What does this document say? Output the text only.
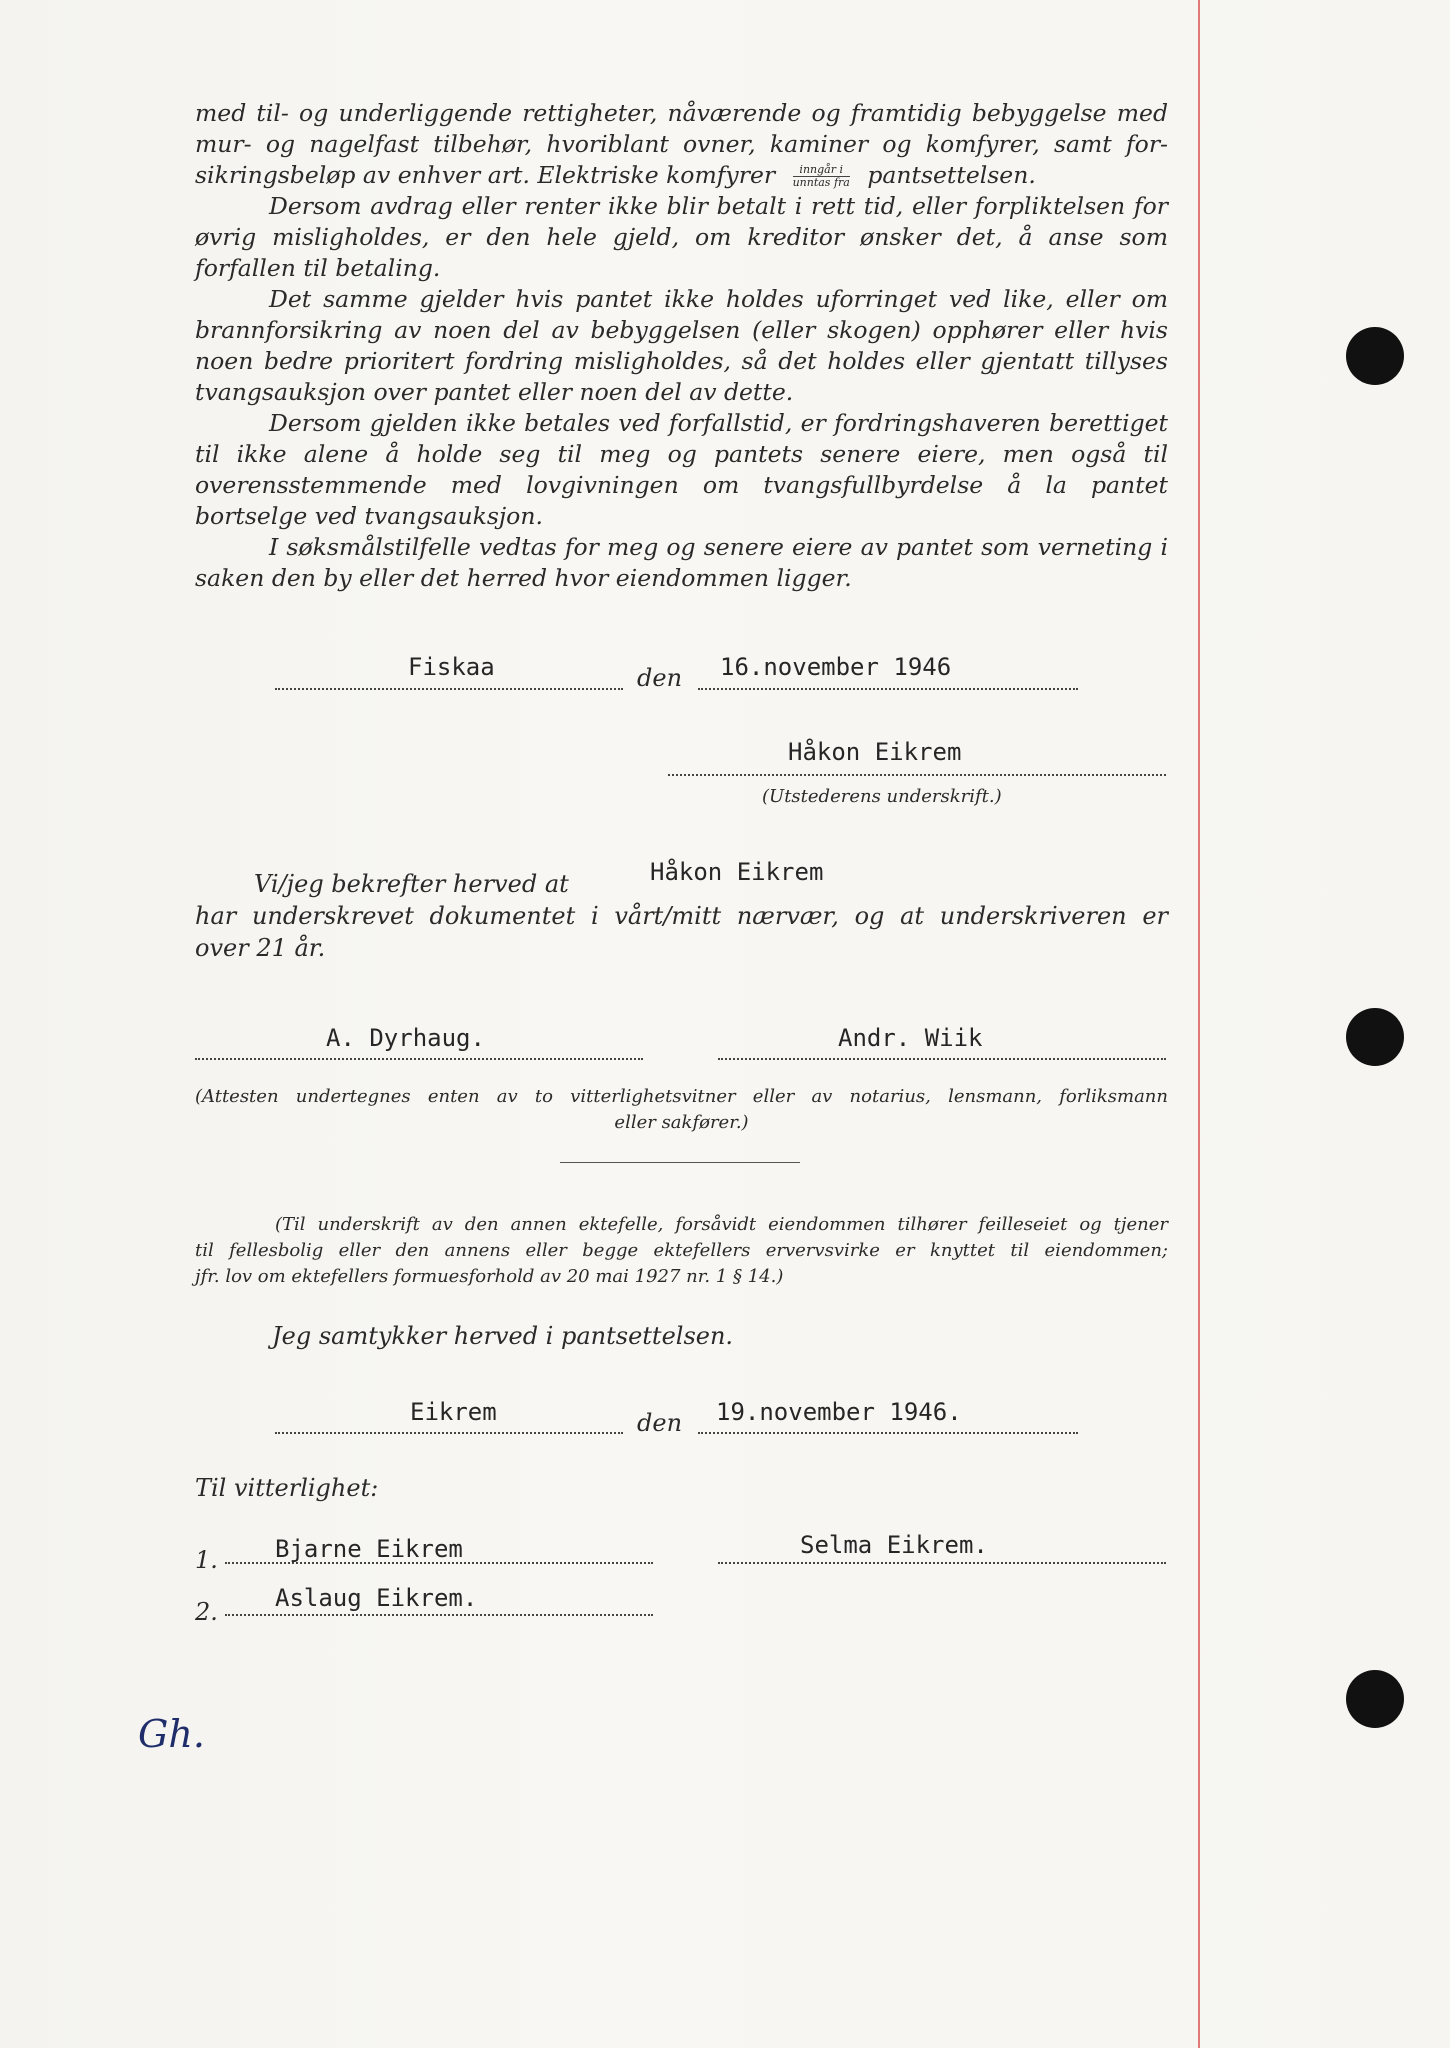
med til- og underliggende rettigheter, nåværende og framtidig bebyggelse med
mur- og nagelfast tilbehør, hvoriblant ovner, kaminer og komfyrer, samt for-
sikringsbeløp av enhver art. Elektriske komfyrer $\frac{\text{inngår i}}{\text{unntas fra}}$ pantsettelsen.

Dersom avdrag eller renter ikke blir betalt i rett tid, eller forpliktelsen for øvrig misligholdes, er den hele gjeld, om kreditor ønsker det, å anse som forfallen til betaling.

Det samme gjelder hvis pantet ikke holdes uforringet ved like, eller om brannforsikring av noen del av bebyggelsen (eller skogen) opphører eller hvis noen bedre prioritert fordring misligholdes, så det holdes eller gjentatt tillyses tvangsauksjon over pantet eller noen del av dette.

Dersom gjelden ikke betales ved forfallstid, er fordringshaveren berettiget til ikke alene å holde seg til meg og pantets senere eiere, men også til overensstemmende med lovgivningen om tvangsfullbyrdelse å la pantet bortselge ved tvangsauksjon.

I søksmålstilfelle vedtas for meg og senere eiere av pantet som verneting i saken den by eller det herred hvor eiendommen ligger.

Fiskaa	den 16.november 1946
Håkon Eikrem
(Utstederens underskrift.)
Vi/jeg bekrefter herved at	Håkon Eikrem
har underskrevet dokumentet i vårt/mitt nærvær, og at underskriveren er
over 21 år.
A. Dyrhaug.	Andr. Wiik
(Attesten undertegnes enten av to vitterlighetsvitner eller av notarius, lensmann, forliksmann
eller sakfører.)
(Til underskrift av den annen ektefelle, forsåvidt eiendommen tilhører feilleseiet og tjener
til fellesbolig eller den annens eller begge ektefellers ervervsvirke er knyttet til eiendommen;
jfr. lov om ektefellers formuesforhold av 20 mai 1927 nr. 1 § 14.)
Jeg samtykker herved i pantsettelsen.
Eikrem	den 19.november 1946.
Til vitterlighet:
1. Bjarne Eikrem	Selma Eikrem.
2. Aslaug Eikrem.
Gh.
